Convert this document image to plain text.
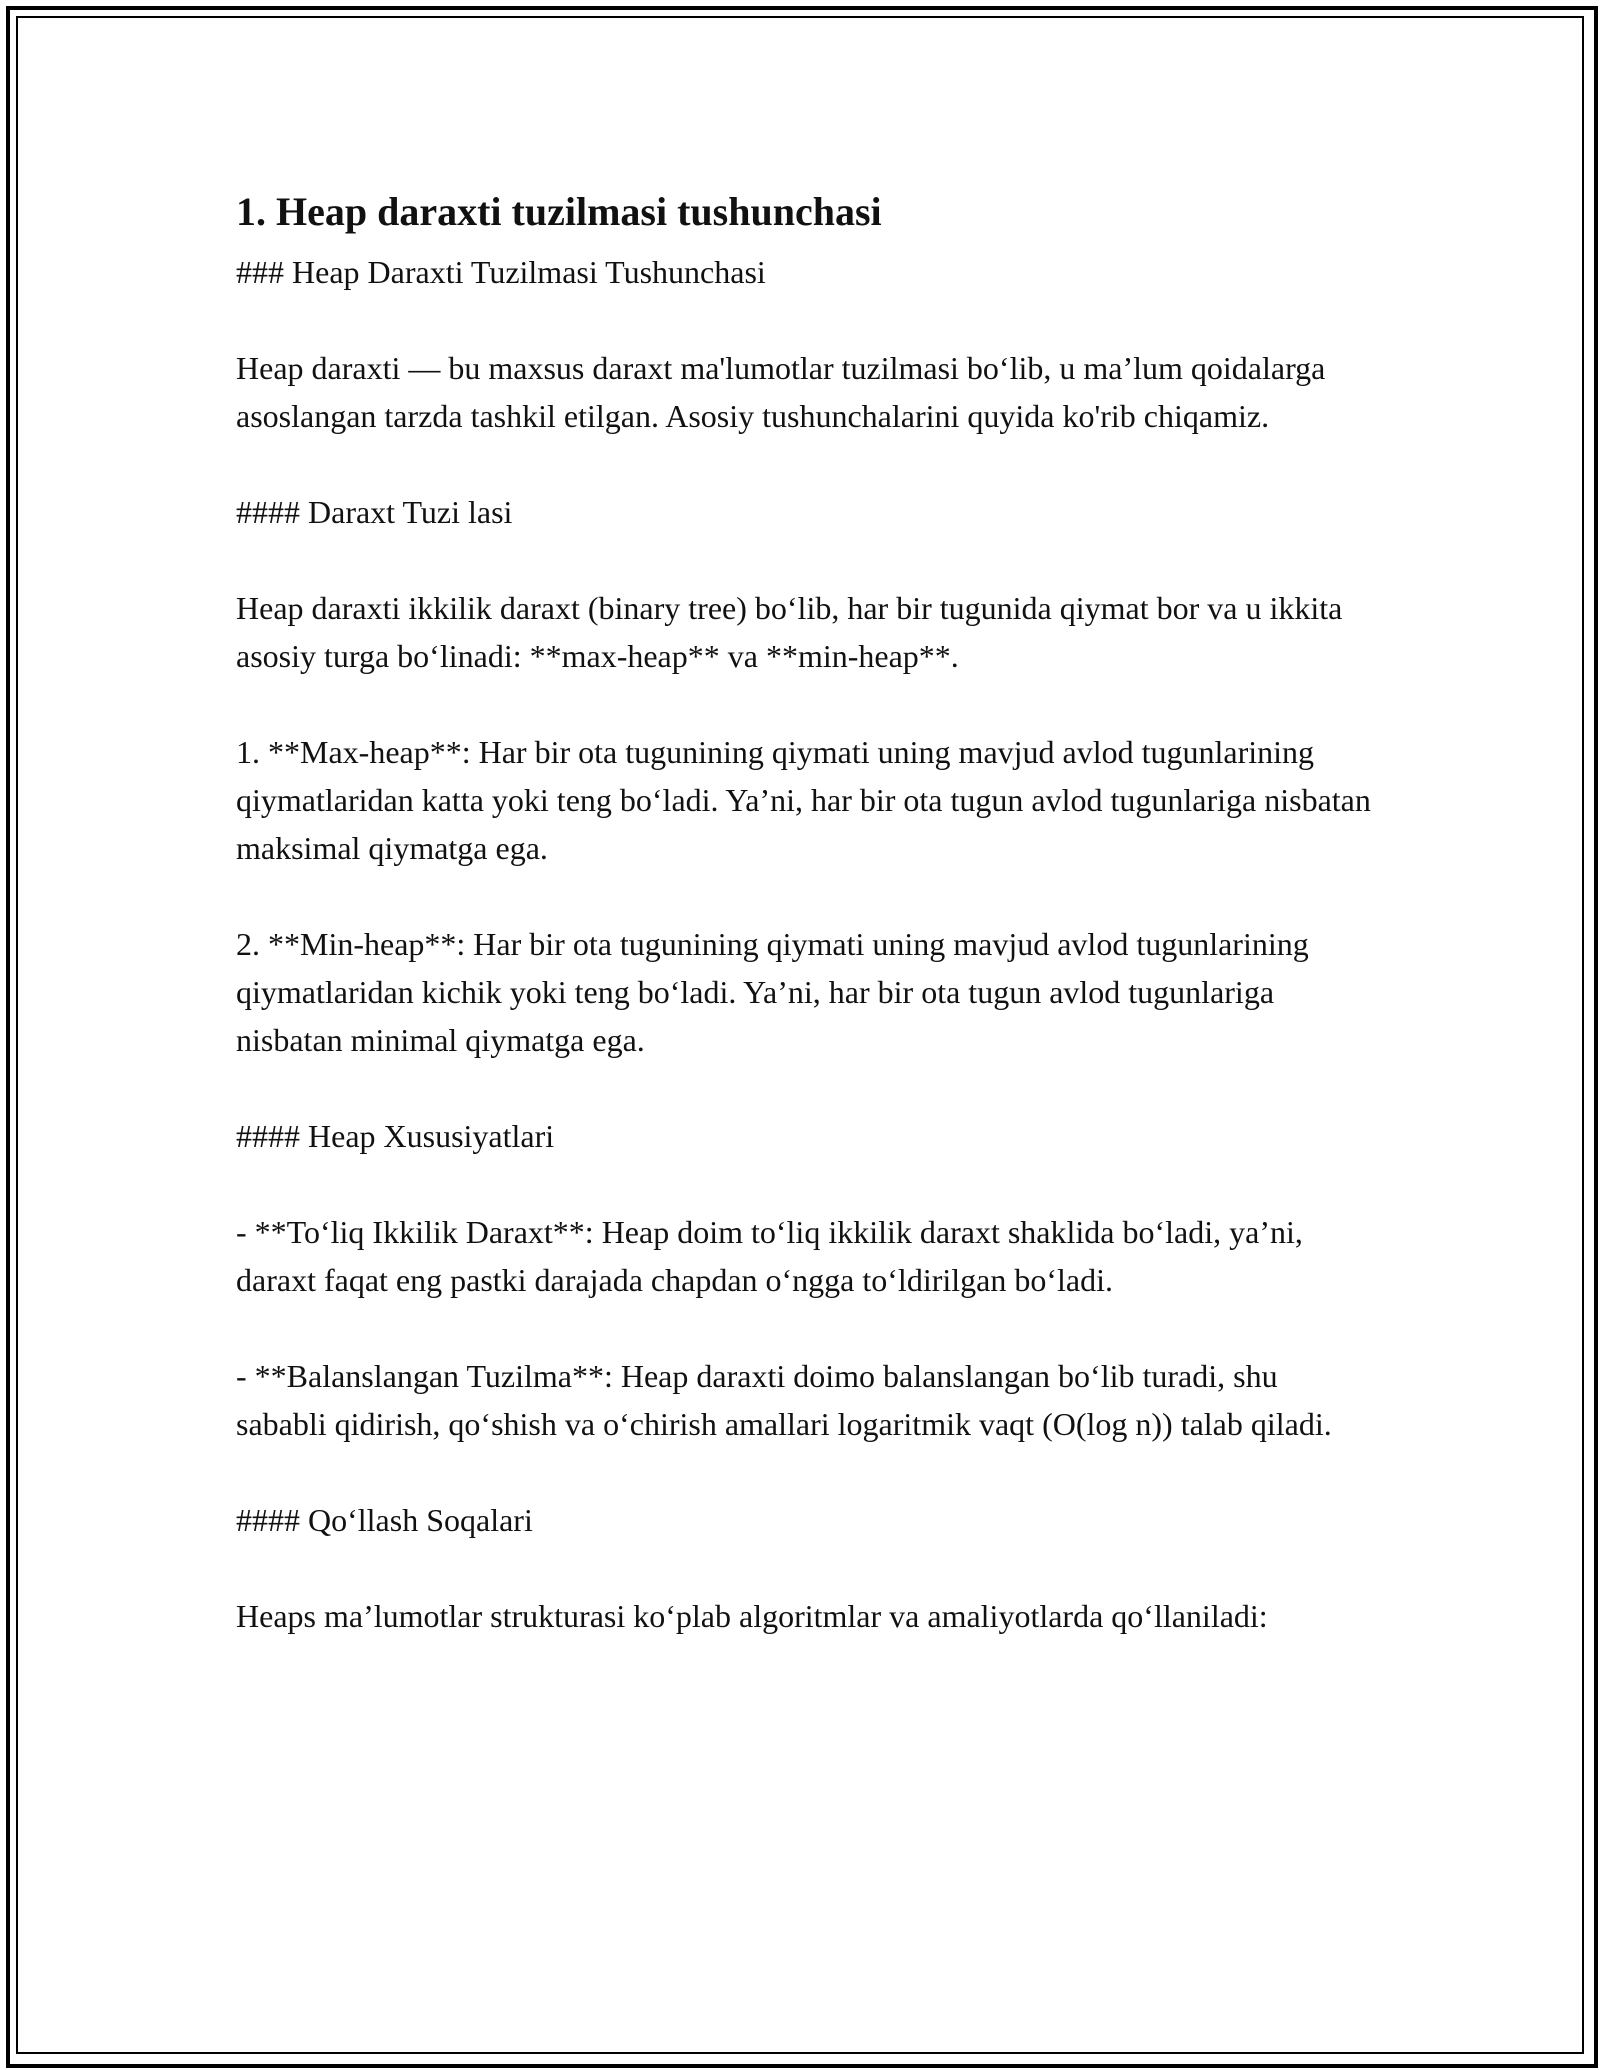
1. Heap daraxti tuzilmasi tushunchasi

### Heap Daraxti Tuzilmasi Tushunchasi

Heap daraxti — bu maxsus daraxt ma'lumotlar tuzilmasi bo‘lib, u ma’lum qoidalarga asoslangan tarzda tashkil etilgan. Asosiy tushunchalarini quyida ko'rib chiqamiz.

#### Daraxt Tuzi lasi

Heap daraxti ikkilik daraxt (binary tree) bo‘lib, har bir tugunida qiymat bor va u ikkita asosiy turga bo‘linadi: **max-heap** va **min-heap**.

1. **Max-heap**: Har bir ota tugunining qiymati uning mavjud avlod tugunlarining qiymatlaridan katta yoki teng bo‘ladi. Ya’ni, har bir ota tugun avlod tugunlariga nisbatan maksimal qiymatga ega.

2. **Min-heap**: Har bir ota tugunining qiymati uning mavjud avlod tugunlarining qiymatlaridan kichik yoki teng bo‘ladi. Ya’ni, har bir ota tugun avlod tugunlariga nisbatan minimal qiymatga ega.

#### Heap Xususiyatlari

- **To‘liq Ikkilik Daraxt**: Heap doim to‘liq ikkilik daraxt shaklida bo‘ladi, ya’ni, daraxt faqat eng pastki darajada chapdan o‘ngga to‘ldirilgan bo‘ladi.

- **Balanslangan Tuzilma**: Heap daraxti doimo balanslangan bo‘lib turadi, shu sababli qidirish, qo‘shish va o‘chirish amallari logaritmik vaqt (O(log n)) talab qiladi.

#### Qo‘llash Soqalari

Heaps ma’lumotlar strukturasi ko‘plab algoritmlar va amaliyotlarda qo‘llaniladi:
